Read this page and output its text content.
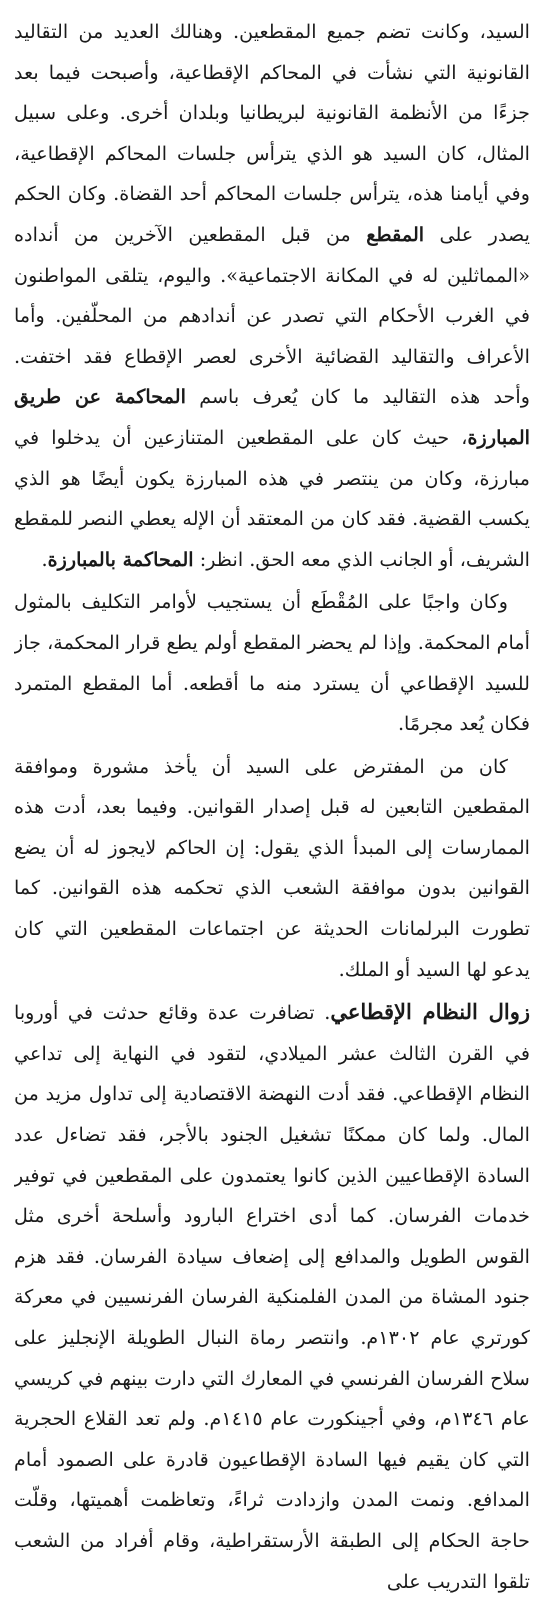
السيد، وكانت تضم جميع المقطعين. وهنالك العديد من التقاليد القانونية التي نشأت في المحاكم الإقطاعية، وأصبحت فيما بعد جزءًا من الأنظمة القانونية لبريطانيا وبلدان أخرى. وعلى سبيل المثال، كان السيد هو الذي يترأس جلسات المحاكم الإقطاعية، وفي أيامنا هذه، يترأس جلسات المحاكم أحد القضاة. وكان الحكم يصدر على المقطع من قبل المقطعين الآخرين من أنداده «المماثلين له في المكانة الاجتماعية». واليوم، يتلقى المواطنون في الغرب الأحكام التي تصدر عن أندادهم من المحلّفين. وأما الأعراف والتقاليد القضائية الأخرى لعصر الإقطاع فقد اختفت. وأحد هذه التقاليد ما كان يُعرف باسم المحاكمة عن طريق المبارزة، حيث كان على المقطعين المتنازعين أن يدخلوا في مبارزة، وكان من ينتصر في هذه المبارزة يكون أيضًا هو الذي يكسب القضية. فقد كان من المعتقد أن الإله يعطي النصر للمقطع الشريف، أو الجانب الذي معه الحق. انظر: المحاكمة بالمبارزة.

وكان واجبًا على المُقْطَع أن يستجيب لأوامر التكليف بالمثول أمام المحكمة. وإذا لم يحضر المقطع أولم يطع قرار المحكمة، جاز للسيد الإقطاعي أن يسترد منه ما أقطعه. أما المقطع المتمرد فكان يُعد مجرمًا.

كان من المفترض على السيد أن يأخذ مشورة وموافقة المقطعين التابعين له قبل إصدار القوانين. وفيما بعد، أدت هذه الممارسات إلى المبدأ الذي يقول: إن الحاكم لايجوز له أن يضع القوانين بدون موافقة الشعب الذي تحكمه هذه القوانين. كما تطورت البرلمانات الحديثة عن اجتماعات المقطعين التي كان يدعو لها السيد أو الملك.

زوال النظام الإقطاعي. تضافرت عدة وقائع حدثت في أوروبا في القرن الثالث عشر الميلادي، لتقود في النهاية إلى تداعي النظام الإقطاعي. فقد أدت النهضة الاقتصادية إلى تداول مزيد من المال. ولما كان ممكنًا تشغيل الجنود بالأجر، فقد تضاءل عدد السادة الإقطاعيين الذين كانوا يعتمدون على المقطعين في توفير خدمات الفرسان. كما أدى اختراع البارود وأسلحة أخرى مثل القوس الطويل والمدافع إلى إضعاف سيادة الفرسان. فقد هزم جنود المشاة من المدن الفلمنكية الفرسان الفرنسيين في معركة كورتري عام ١٣٠٢م. وانتصر رماة النبال الطويلة الإنجليز على سلاح الفرسان الفرنسي في المعارك التي دارت بينهم في كريسي عام ١٣٤٦م، وفي أجينكورت عام ١٤١٥م. ولم تعد القلاع الحجرية التي كان يقيم فيها السادة الإقطاعيون قادرة على الصمود أمام المدافع. ونمت المدن وازدادت ثراءً، وتعاظمت أهميتها، وقلّت حاجة الحكام إلى الطبقة الأرستقراطية، وقام أفراد من الشعب تلقوا التدريب على
